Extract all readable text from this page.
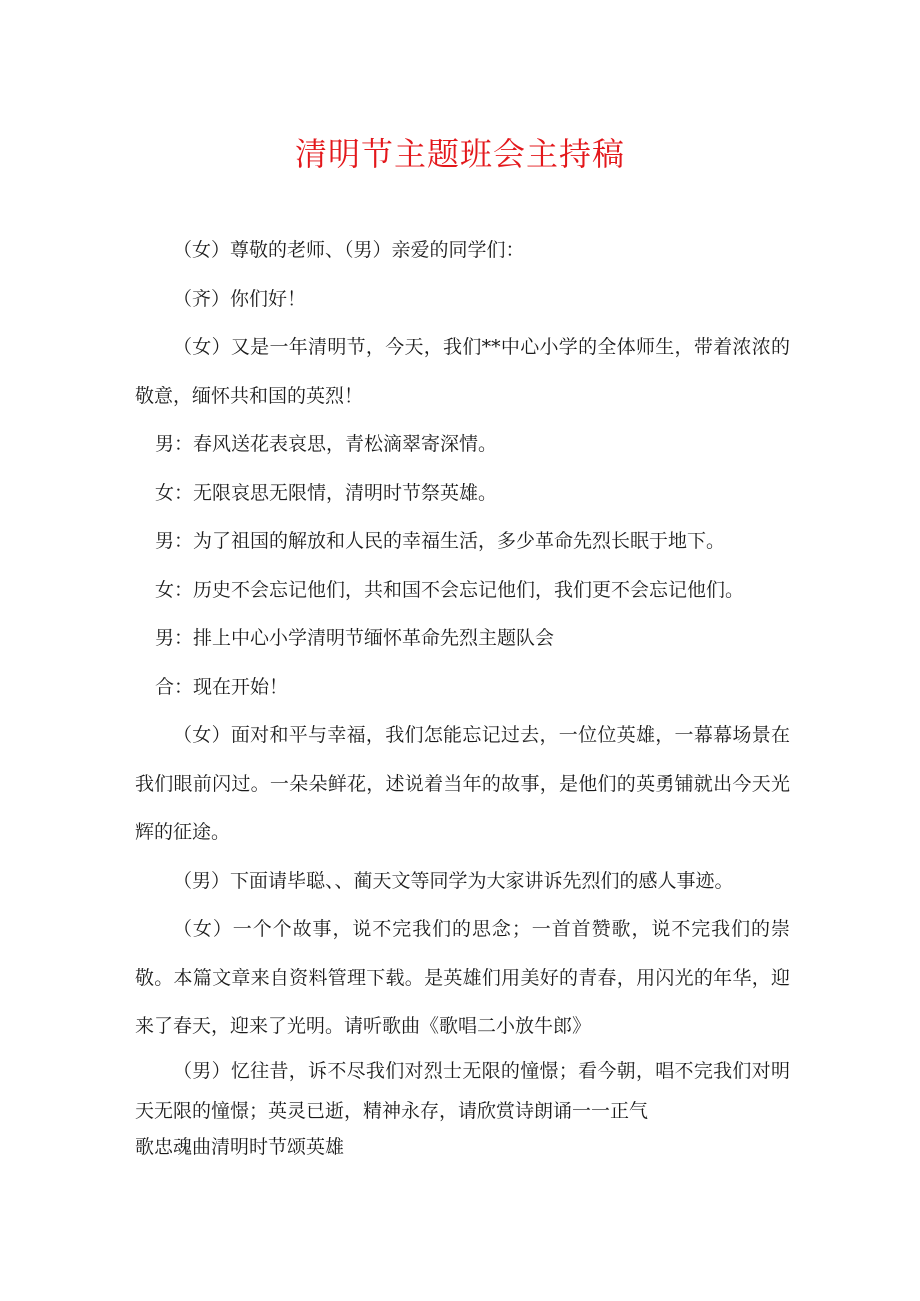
清明节主题班会主持稿

（女）尊敬的老师、（男）亲爱的同学们：

（齐）你们好！

（女）又是一年清明节，今天，我们**中心小学的全体师生，带着浓浓的敬意，缅怀共和国的英烈！

男：春风送花表哀思，青松滴翠寄深情。

女：无限哀思无限情，清明时节祭英雄。

男：为了祖国的解放和人民的幸福生活，多少革命先烈长眠于地下。

女：历史不会忘记他们，共和国不会忘记他们，我们更不会忘记他们。

男：排上中心小学清明节缅怀革命先烈主题队会

合：现在开始！

（女）面对和平与幸福，我们怎能忘记过去，一位位英雄，一幕幕场景在我们眼前闪过。一朵朵鲜花，述说着当年的故事，是他们的英勇铺就出今天光辉的征途。

（男）下面请毕聪、、蔺天文等同学为大家讲诉先烈们的感人事迹。

（女）一个个故事，说不完我们的思念；一首首赞歌，说不完我们的崇敬。本篇文章来自资料管理下载。是英雄们用美好的青春，用闪光的年华，迎来了春天，迎来了光明。请听歌曲《歌唱二小放牛郎》

（男）忆往昔，诉不尽我们对烈士无限的憧憬；看今朝，唱不完我们对明天无限的憧憬；英灵已逝，精神永存，请欣赏诗朗诵一一正气

歌忠魂曲清明时节颂英雄
